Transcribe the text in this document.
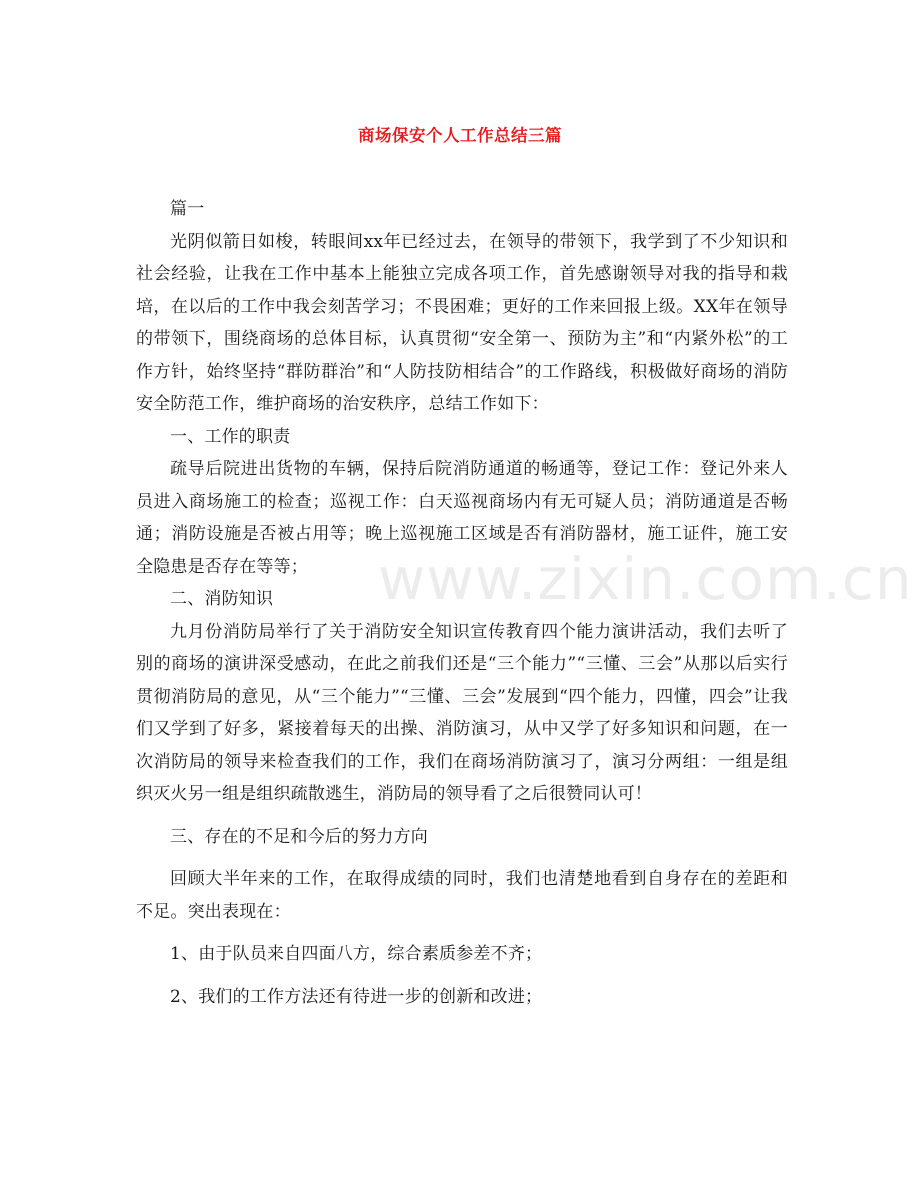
商场保安个人工作总结三篇
www.zixin.com.cn

篇一

光阴似箭日如梭，转眼间xx年已经过去，在领导的带领下，我学到了不少知识和社会经验，让我在工作中基本上能独立完成各项工作，首先感谢领导对我的指导和栽培，在以后的工作中我会刻苦学习；不畏困难；更好的工作来回报上级。XX年在领导的带领下，围绕商场的总体目标，认真贯彻“安全第一、预防为主”和“内紧外松”的工作方针，始终坚持“群防群治”和“人防技防相结合”的工作路线，积极做好商场的消防安全防范工作，维护商场的治安秩序，总结工作如下：

一、工作的职责

疏导后院进出货物的车辆，保持后院消防通道的畅通等，登记工作：登记外来人员进入商场施工的检查；巡视工作：白天巡视商场内有无可疑人员；消防通道是否畅通；消防设施是否被占用等；晚上巡视施工区域是否有消防器材，施工证件，施工安全隐患是否存在等等；

二、消防知识

九月份消防局举行了关于消防安全知识宣传教育四个能力演讲活动，我们去听了别的商场的演讲深受感动，在此之前我们还是“三个能力”“三懂、三会”从那以后实行贯彻消防局的意见，从“三个能力”“三懂、三会”发展到“四个能力，四懂，四会”让我们又学到了好多，紧接着每天的出操、消防演习，从中又学了好多知识和问题，在一次消防局的领导来检查我们的工作，我们在商场消防演习了，演习分两组：一组是组织灭火另一组是组织疏散逃生，消防局的领导看了之后很赞同认可！

三、存在的不足和今后的努力方向

回顾大半年来的工作，在取得成绩的同时，我们也清楚地看到自身存在的差距和不足。突出表现在：

1、由于队员来自四面八方，综合素质参差不齐；

2、我们的工作方法还有待进一步的创新和改进；
